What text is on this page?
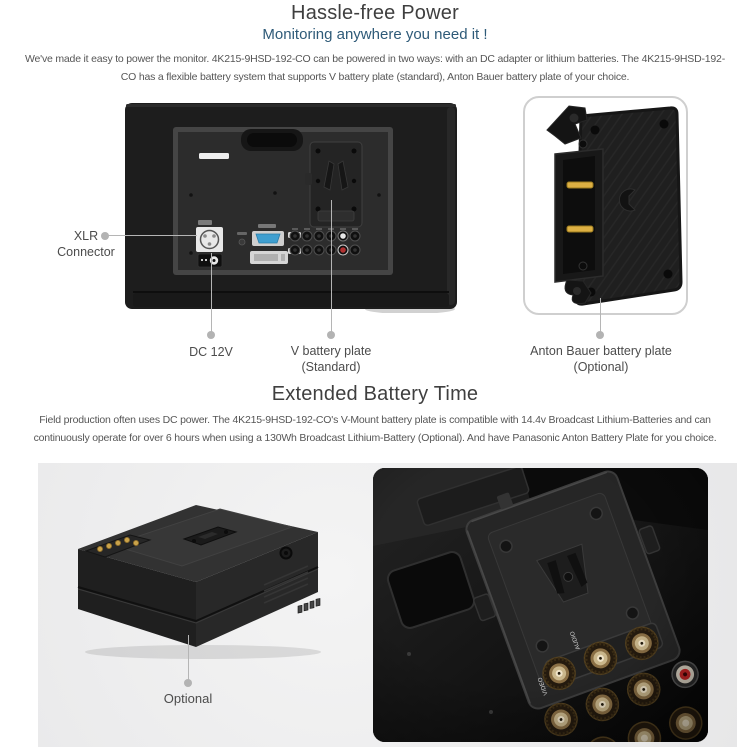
Hassle-free Power
Monitoring anywhere you need it !
We've made it easy to power the monitor. 4K215-9HSD-192-CO can be powered in two ways: with an DC adapter or lithium batteries. The 4K215-9HSD-192-CO has a flexible battery system that supports V battery plate (standard), Anton Bauer battery plate of your choice.
XLR
Connector
DC 12V	V battery plate
(Standard)
Anton Bauer battery plate
(Optional)
Extended Battery Time
Field production often uses DC power. The 4K215-9HSD-192-CO's V-Mount battery plate is compatible with 14.4v Broadcast Lithium-Batteries and can continuously operate for over 6 hours when using a 130Wh Broadcast Lithium-Battery (Optional). And have Panasonic Anton Battery Plate for you choice.
Optional
